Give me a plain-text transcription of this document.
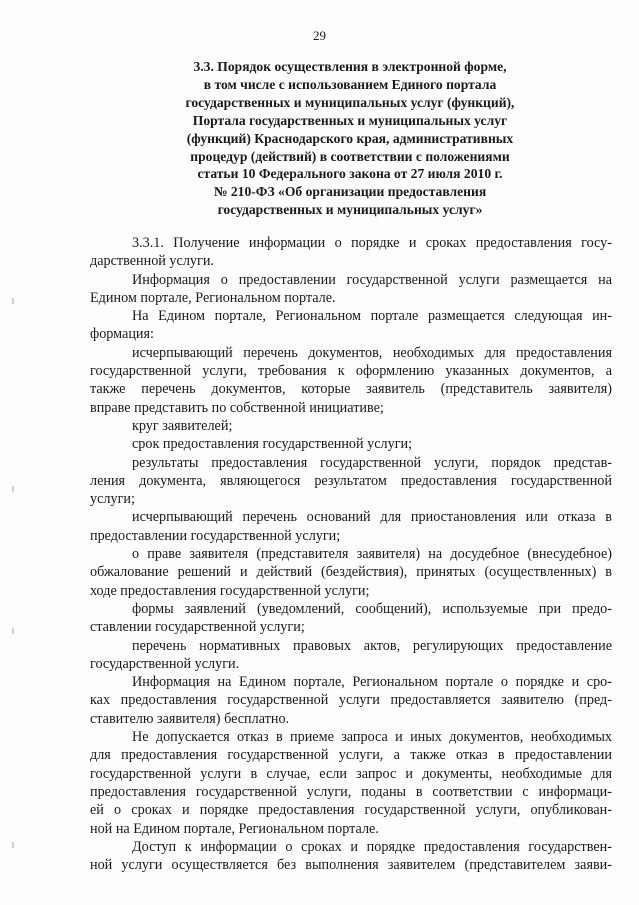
29
3.3. Порядок осуществления в электронной форме,
в том числе с использованием Единого портала
государственных и муниципальных услуг (функций),
Портала государственных и муниципальных услуг
(функций) Краснодарского края, административных
процедур (действий) в соответствии с положениями
статьи 10 Федерального закона от 27 июля 2010 г.
№ 210-ФЗ «Об организации предоставления
государственных и муниципальных услуг»
3.3.1. Получение информации о порядке и сроках предоставления госу-
дарственной услуги.
Информация о предоставлении государственной услуги размещается на
Едином портале, Региональном портале.
На Едином портале, Региональном портале размещается следующая ин-
формация:
исчерпывающий перечень документов, необходимых для предоставления
государственной услуги, требования к оформлению указанных документов, а
также перечень документов, которые заявитель (представитель заявителя)
вправе представить по собственной инициативе;
круг заявителей;
срок предоставления государственной услуги;
результаты предоставления государственной услуги, порядок представ-
ления документа, являющегося результатом предоставления государственной
услуги;
исчерпывающий перечень оснований для приостановления или отказа в
предоставлении государственной услуги;
о праве заявителя (представителя заявителя) на досудебное (внесудебное)
обжалование решений и действий (бездействия), принятых (осуществленных) в
ходе предоставления государственной услуги;
формы заявлений (уведомлений, сообщений), используемые при предо-
ставлении государственной услуги;
перечень нормативных правовых актов, регулирующих предоставление
государственной услуги.
Информация на Едином портале, Региональном портале о порядке и сро-
ках предоставления государственной услуги предоставляется заявителю (пред-
ставителю заявителя) бесплатно.
Не допускается отказ в приеме запроса и иных документов, необходимых
для предоставления государственной услуги, а также отказ в предоставлении
государственной услуги в случае, если запрос и документы, необходимые для
предоставления государственной услуги, поданы в соответствии с информаци-
ей о сроках и порядке предоставления государственной услуги, опубликован-
ной на Едином портале, Региональном портале.
Доступ к информации о сроках и порядке предоставления государствен-
ной услуги осуществляется без выполнения заявителем (представителем заяви-
